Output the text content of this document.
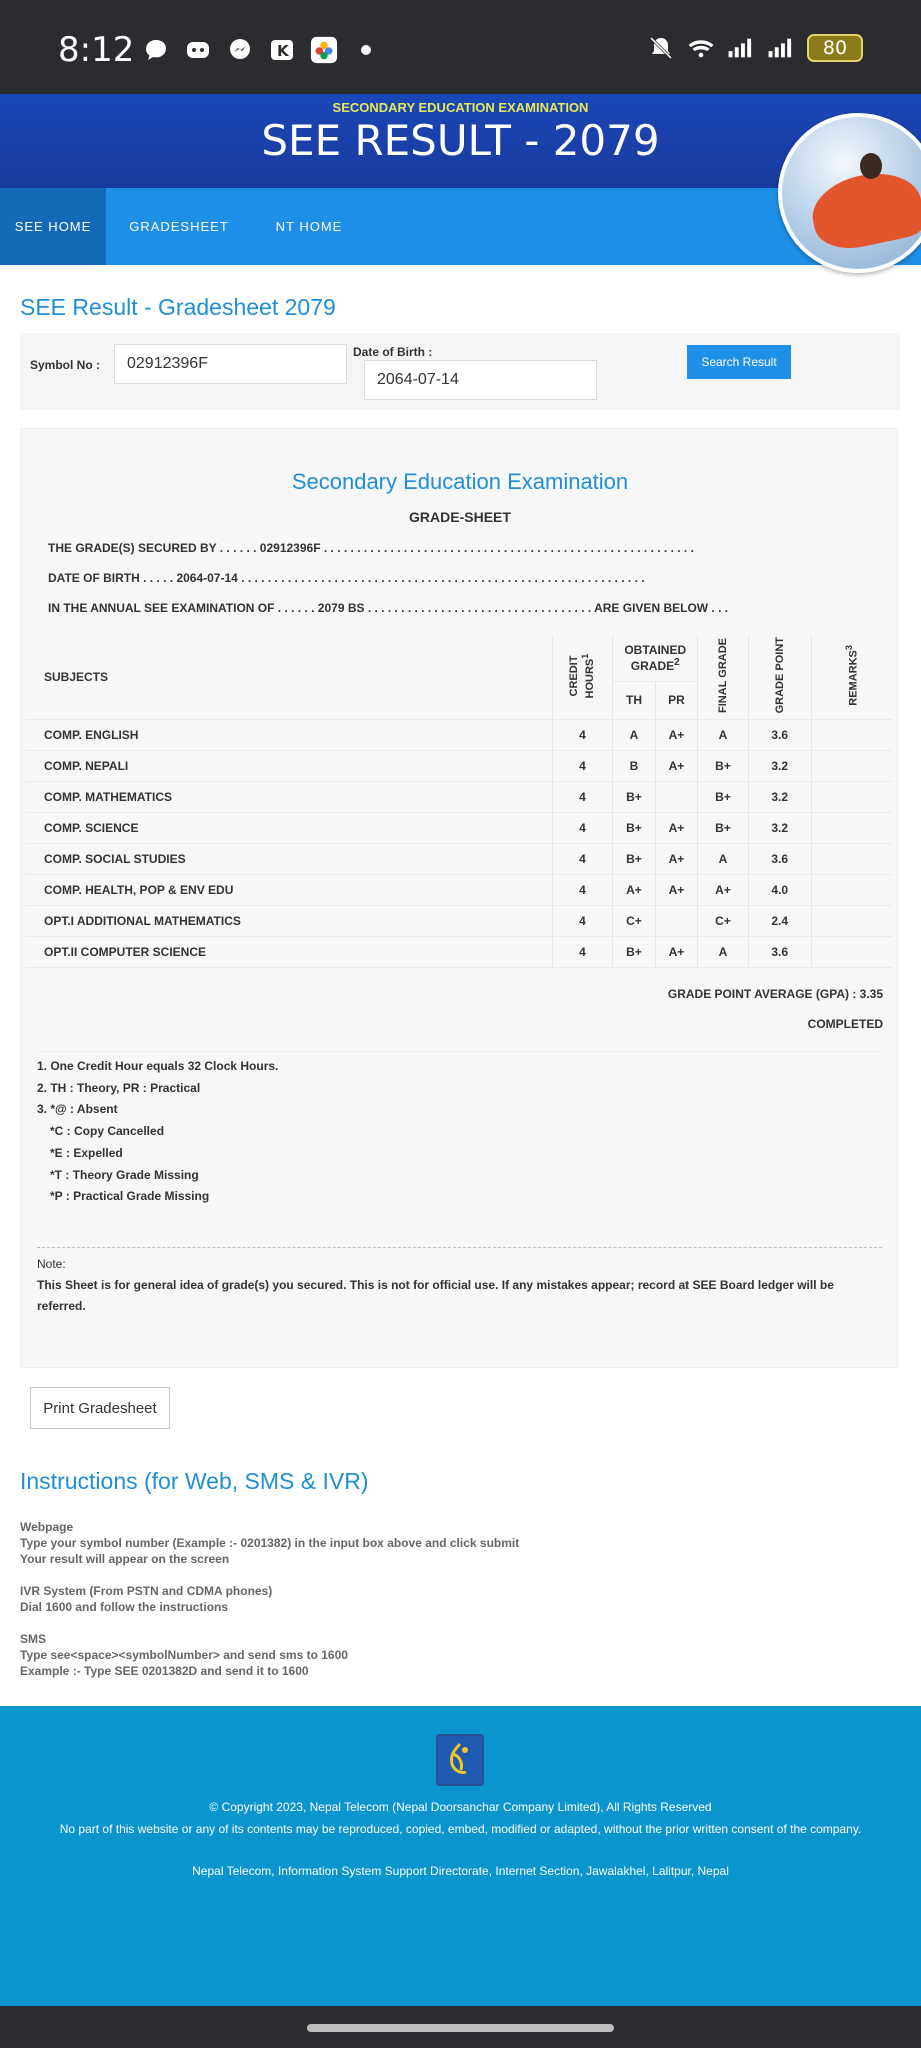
8:12	K	80
SECONDARY EDUCATION EXAMINATION
SEE RESULT - 2079
SEE HOME	GRADESHEET	NT HOME
SEE Result - Gradesheet 2079
Symbol No :	02912396F
Date of Birth :
2064-07-14
Search Result
Secondary Education Examination
GRADE-SHEET
THE GRADE(S) SECURED BY . . . . . . 02912396F . . . . . . . . . . . . . . . . . . . . . . . . . . . . . . . . . . . . . . . . . . . . . . . . . . . . . . . .
DATE OF BIRTH . . . . . 2064-07-14 . . . . . . . . . . . . . . . . . . . . . . . . . . . . . . . . . . . . . . . . . . . . . . . . . . . . . . . . . . . . .
IN THE ANNUAL SEE EXAMINATION OF . . . . . . 2079 BS . . . . . . . . . . . . . . . . . . . . . . . . . . . . . . . . . . ARE GIVEN BELOW . . .
SUBJECTS	CREDIT HOURS$^1$	OBTAINED GRADE$^2$		FINAL GRADE	GRADE POINT	REMARKS$^3$
		TH	PR			
COMP. ENGLISH	4	A	A+	A	3.6	
COMP. NEPALI	4	B	A+	B+	3.2	
COMP. MATHEMATICS	4	B+		B+	3.2	
COMP. SCIENCE	4	B+	A+	B+	3.2	
COMP. SOCIAL STUDIES	4	B+	A+	A	3.6	
COMP. HEALTH, POP & ENV EDU	4	A+	A+	A+	4.0	
OPT.I ADDITIONAL MATHEMATICS	4	C+		C+	2.4	
OPT.II COMPUTER SCIENCE	4	B+	A+	A	3.6	
GRADE POINT AVERAGE (GPA) : 3.35
COMPLETED
1. One Credit Hour equals 32 Clock Hours.
2. TH : Theory, PR : Practical
3. *@ : Absent
*C : Copy Cancelled
*E : Expelled
*T : Theory Grade Missing
*P : Practical Grade Missing
Note:
This Sheet is for general idea of grade(s) you secured. This is not for official use. If any mistakes appear; record at SEE Board ledger will be referred.
Print Gradesheet
Instructions (for Web, SMS & IVR)
Webpage
Type your symbol number (Example :- 0201382) in the input box above and click submit
Your result will appear on the screen
IVR System (From PSTN and CDMA phones)
Dial 1600 and follow the instructions
SMS
Type see<space><symbolNumber> and send sms to 1600
Example :- Type SEE 0201382D and send it to 1600
© Copyright 2023, Nepal Telecom (Nepal Doorsanchar Company Limited), All Rights Reserved
No part of this website or any of its contents may be reproduced, copied, embed, modified or adapted, without the prior written consent of the company.
Nepal Telecom, Information System Support Directorate, Internet Section, Jawalakhel, Lalitpur, Nepal
